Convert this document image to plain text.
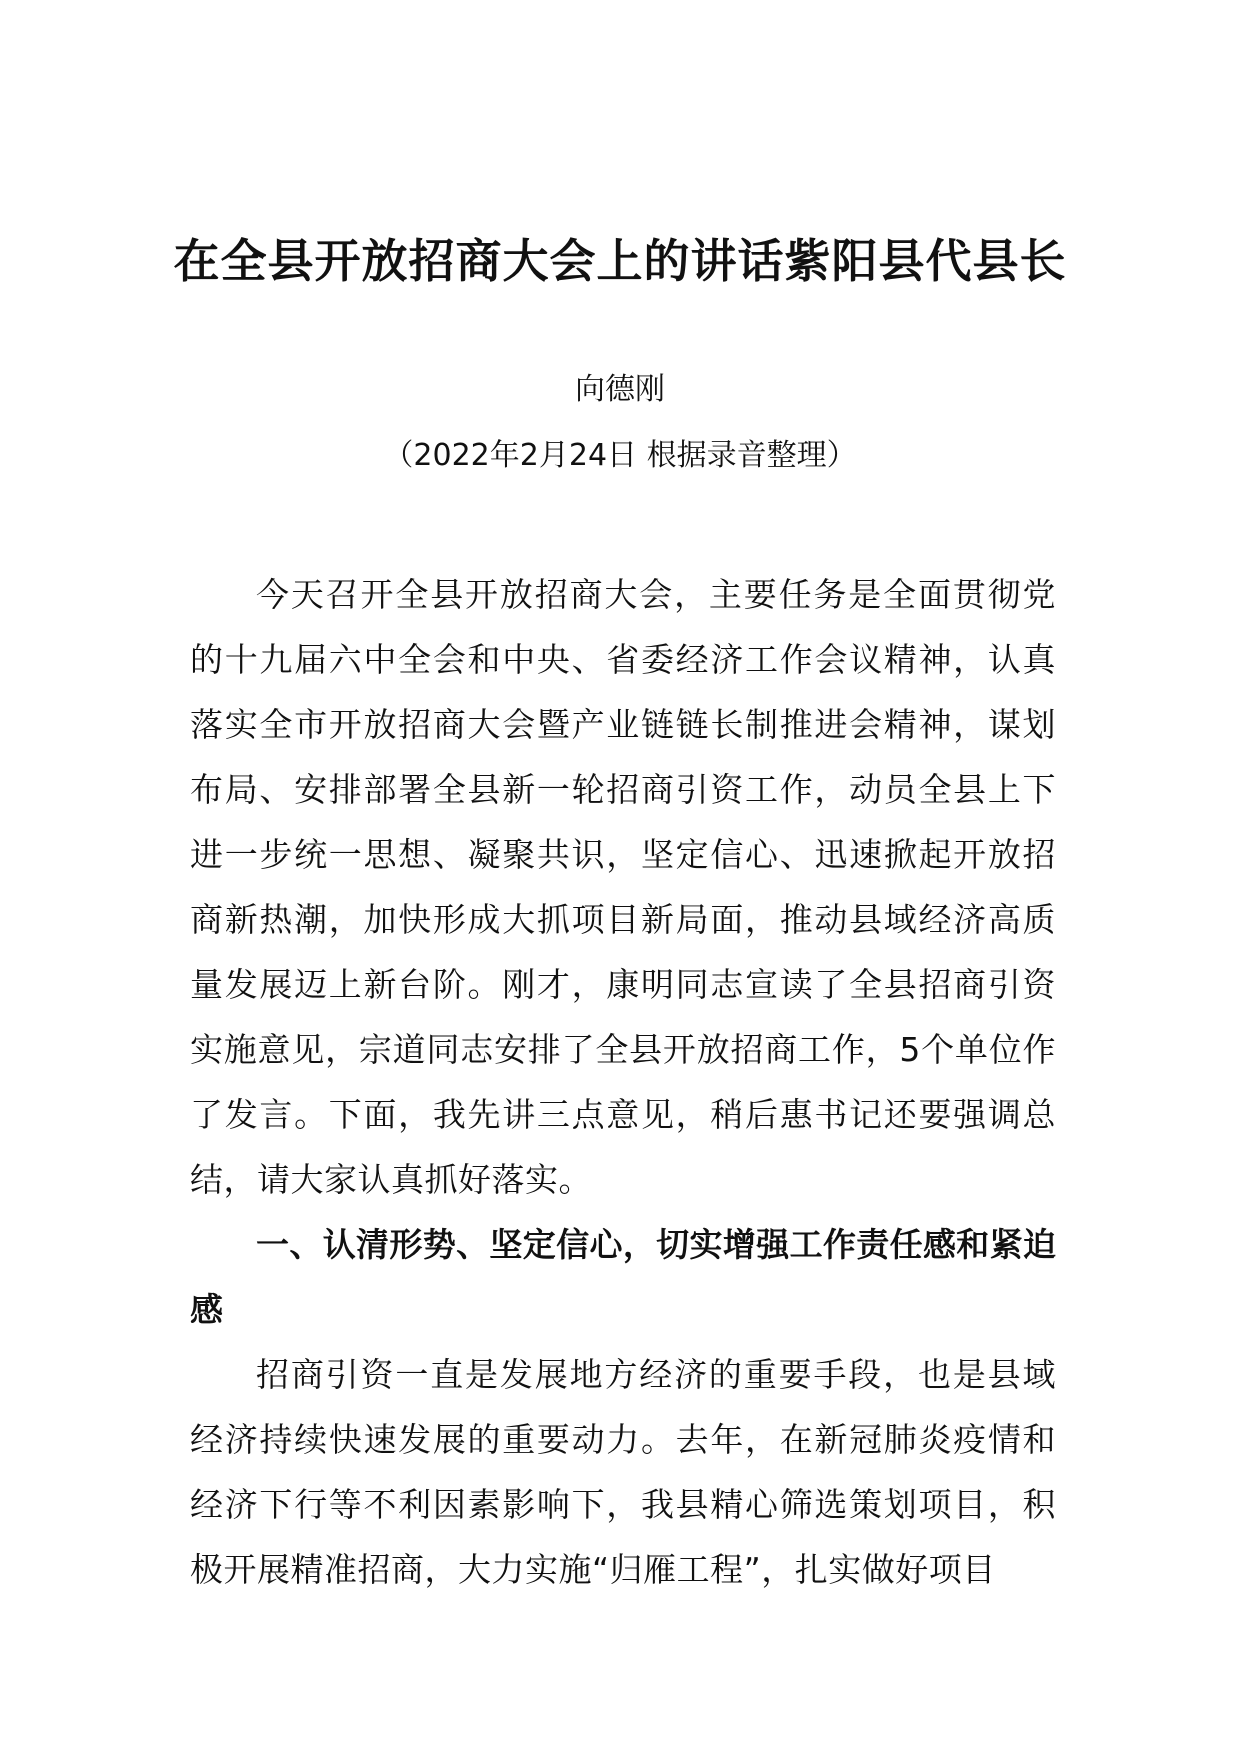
在全县开放招商大会上的讲话紫阳县代县长
向德刚
（2022年2月24日 根据录音整理）

今天召开全县开放招商大会，主要任务是全面贯彻党的十九届六中全会和中央、省委经济工作会议精神，认真落实全市开放招商大会暨产业链链长制推进会精神，谋划布局、安排部署全县新一轮招商引资工作，动员全县上下进一步统一思想、凝聚共识，坚定信心、迅速掀起开放招商新热潮，加快形成大抓项目新局面，推动县域经济高质量发展迈上新台阶。刚才，康明同志宣读了全县招商引资实施意见，宗道同志安排了全县开放招商工作，5个单位作了发言。下面，我先讲三点意见，稍后惠书记还要强调总结，请大家认真抓好落实。

一、认清形势、坚定信心，切实增强工作责任感和紧迫感

招商引资一直是发展地方经济的重要手段，也是县域经济持续快速发展的重要动力。去年，在新冠肺炎疫情和经济下行等不利因素影响下，我县精心筛选策划项目，积极开展精准招商，大力实施“归雁工程”，扎实做好项目
